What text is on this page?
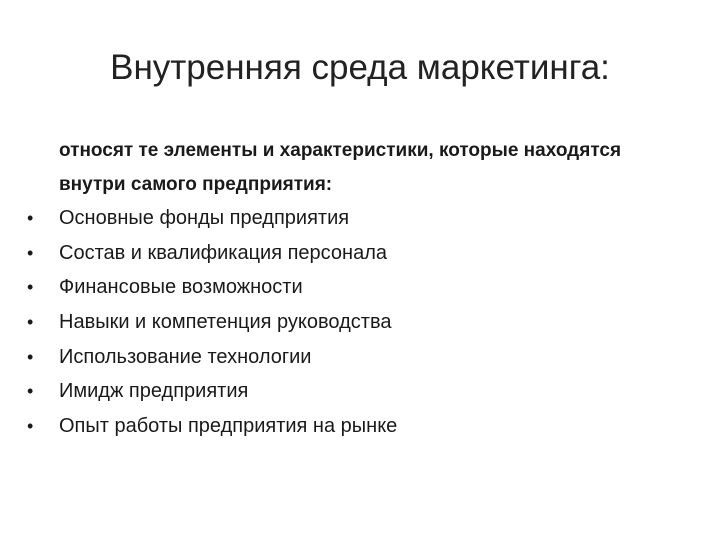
Внутренняя среда маркетинга:

относят те элементы и характеристики, которые находятся
внутри самого предприятия:

• Основные фонды предприятия
• Состав и квалификация персонала
• Финансовые возможности
• Навыки и компетенция руководства
• Использование технологии
• Имидж предприятия
• Опыт работы предприятия на рынке
